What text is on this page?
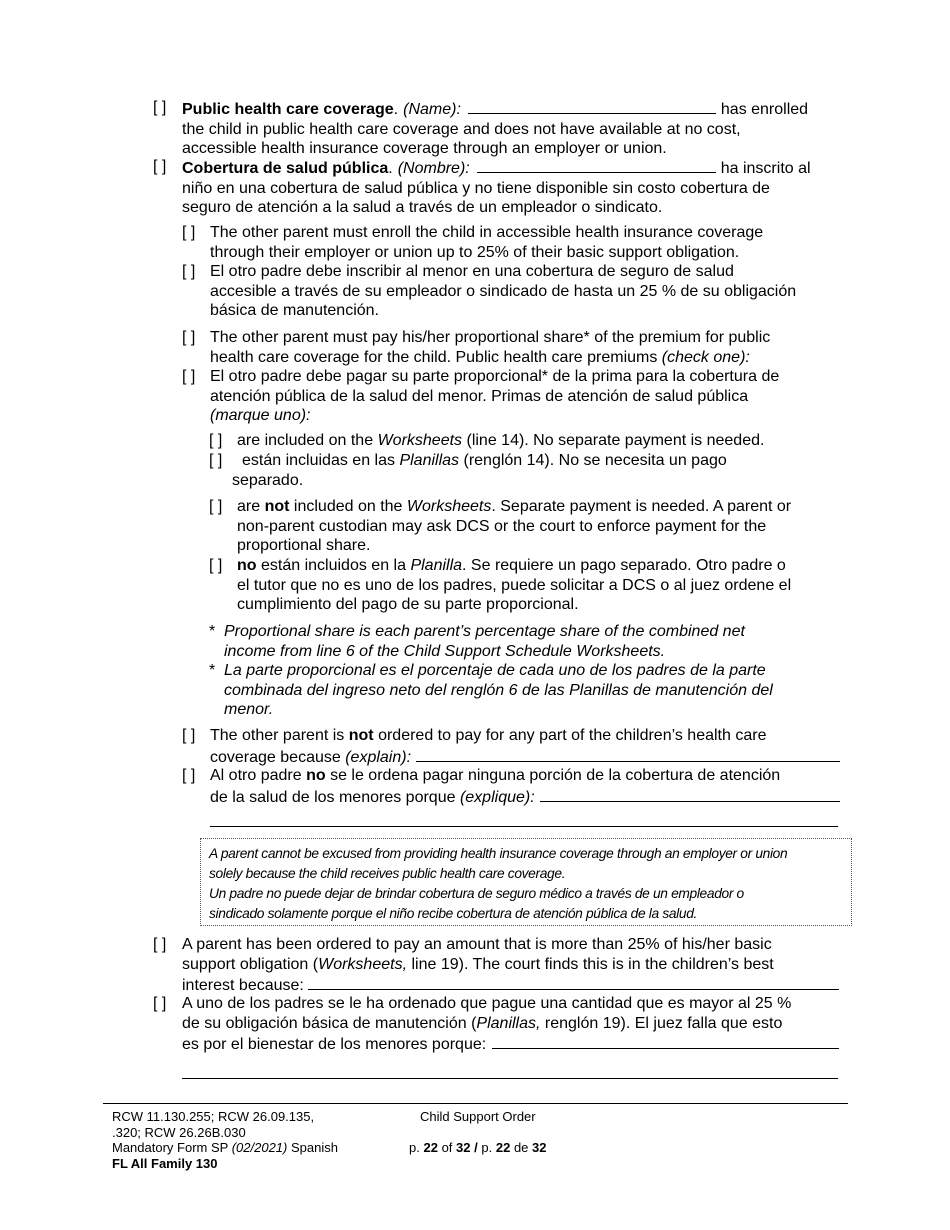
[ ] Public health care coverage . (Name):	has enrolled
the child in public health care coverage and does not have available at no cost,
accessible health insurance coverage through an employer or union.
[ ] Cobertura de salud pública . (Nombre):	ha inscrito al
niño en una cobertura de salud pública y no tiene disponible sin costo cobertura de
seguro de atención a la salud a través de un empleador o sindicato.
[ ] The other parent must enroll the child in accessible health insurance coverage
through their employer or union up to 25% of their basic support obligation.
[ ] El otro padre debe inscribir al menor en una cobertura de seguro de salud
accesible a través de su empleador o sindicado de hasta un 25 % de su obligación
básica de manutención.
[ ] The other parent must pay his/her proportional share* of the premium for public
health care coverage for the child. Public health care premiums (check one):
[ ] El otro padre debe pagar su parte proporcional* de la prima para la cobertura de
atención pública de la salud del menor. Primas de atención de salud pública
(marque uno):
[ ] are included on the Worksheets (line 14). No separate payment is needed.
[ ]	están incluidas en las Planillas (renglón 14). No se necesita un pago
separado.
[ ] are not included on the Worksheets. Separate payment is needed. A parent or
non-parent custodian may ask DCS or the court to enforce payment for the
proportional share.
[ ] no están incluidos en la Planilla. Se requiere un pago separado. Otro padre o
el tutor que no es uno de los padres, puede solicitar a DCS o al juez ordene el
cumplimiento del pago de su parte proporcional.
* Proportional share is each parent’s percentage share of the combined net
income from line 6 of the Child Support Schedule Worksheets.
* La parte proporcional es el porcentaje de cada uno de los padres de la parte
combinada del ingreso neto del renglón 6 de las Planillas de manutención del
menor.
[ ] The other parent is not ordered to pay for any part of the children’s health care
coverage because
(explain):
[ ] Al otro padre no se le ordena pagar ninguna porción de la cobertura de atención
de la salud de los menores porque
(explique):
A parent cannot be excused from providing health insurance coverage through an employer or union
solely because the child receives public health care coverage.
Un padre no puede dejar de brindar cobertura de seguro médico a través de un empleador o
sindicado solamente porque el niño recibe cobertura de atención pública de la salud.
[ ] A parent has been ordered to pay an amount that is more than 25% of his/her basic
support obligation (Worksheets, line 19). The court finds this is in the children’s best
interest because:
[ ] A uno de los padres se le ha ordenado que pague una cantidad que es mayor al 25 %
de su obligación básica de manutención (Planillas, renglón 19). El juez falla que esto
es por el bienestar de los menores porque:
RCW 11.130.255; RCW 26.09.135,
.320; RCW 26.26B.030
Mandatory Form SP (02/2021) Spanish
FL All Family 130
Child Support Order
p. 22 of 32 / p. 22 de 32
